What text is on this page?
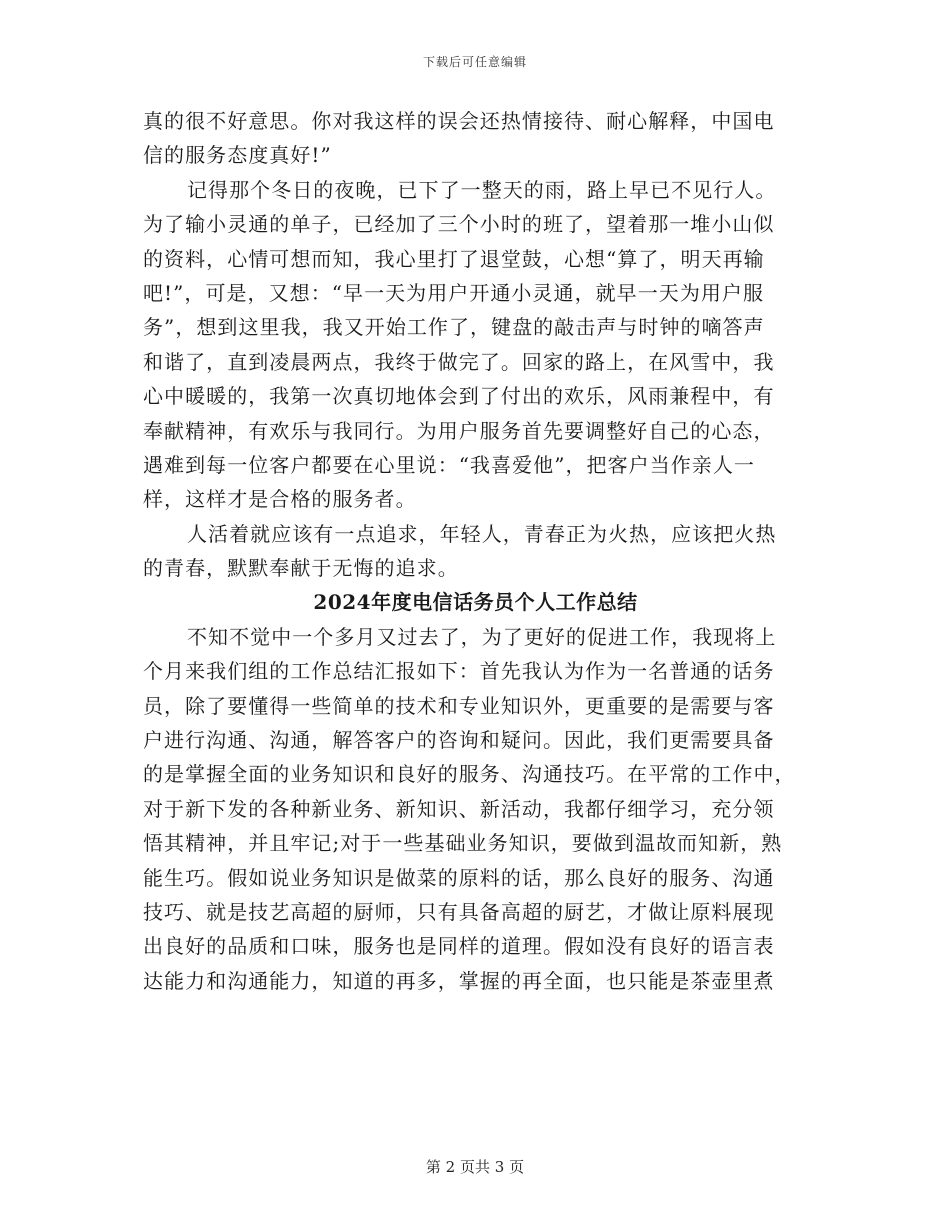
下载后可任意编辑
真的很不好意思。你对我这样的误会还热情接待、耐心解释，中国电
信的服务态度真好!”
记得那个冬日的夜晚，已下了一整天的雨，路上早已不见行人。
为了输小灵通的单子，已经加了三个小时的班了，望着那一堆小山似
的资料，心情可想而知，我心里打了退堂鼓，心想“算了，明天再输
吧!”，可是，又想：“早一天为用户开通小灵通，就早一天为用户服
务”，想到这里我，我又开始工作了，键盘的敲击声与时钟的嘀答声
和谐了，直到凌晨两点，我终于做完了。回家的路上，在风雪中，我
心中暖暖的，我第一次真切地体会到了付出的欢乐，风雨兼程中，有
奉献精神，有欢乐与我同行。为用户服务首先要调整好自己的心态，
遇难到每一位客户都要在心里说：“我喜爱他”，把客户当作亲人一
样，这样才是合格的服务者。
人活着就应该有一点追求，年轻人，青春正为火热，应该把火热
的青春，默默奉献于无悔的追求。
2024年度电信话务员个人工作总结
不知不觉中一个多月又过去了，为了更好的促进工作，我现将上
个月来我们组的工作总结汇报如下：首先我认为作为一名普通的话务
员，除了要懂得一些简单的技术和专业知识外，更重要的是需要与客
户进行沟通、沟通，解答客户的咨询和疑问。因此，我们更需要具备
的是掌握全面的业务知识和良好的服务、沟通技巧。在平常的工作中，
对于新下发的各种新业务、新知识、新活动，我都仔细学习，充分领
悟其精神，并且牢记;对于一些基础业务知识，要做到温故而知新，熟
能生巧。假如说业务知识是做菜的原料的话，那么良好的服务、沟通
技巧、就是技艺高超的厨师，只有具备高超的厨艺，才做让原料展现
出良好的品质和口味，服务也是同样的道理。假如没有良好的语言表
达能力和沟通能力，知道的再多，掌握的再全面，也只能是茶壶里煮
第 2 页共 3 页
